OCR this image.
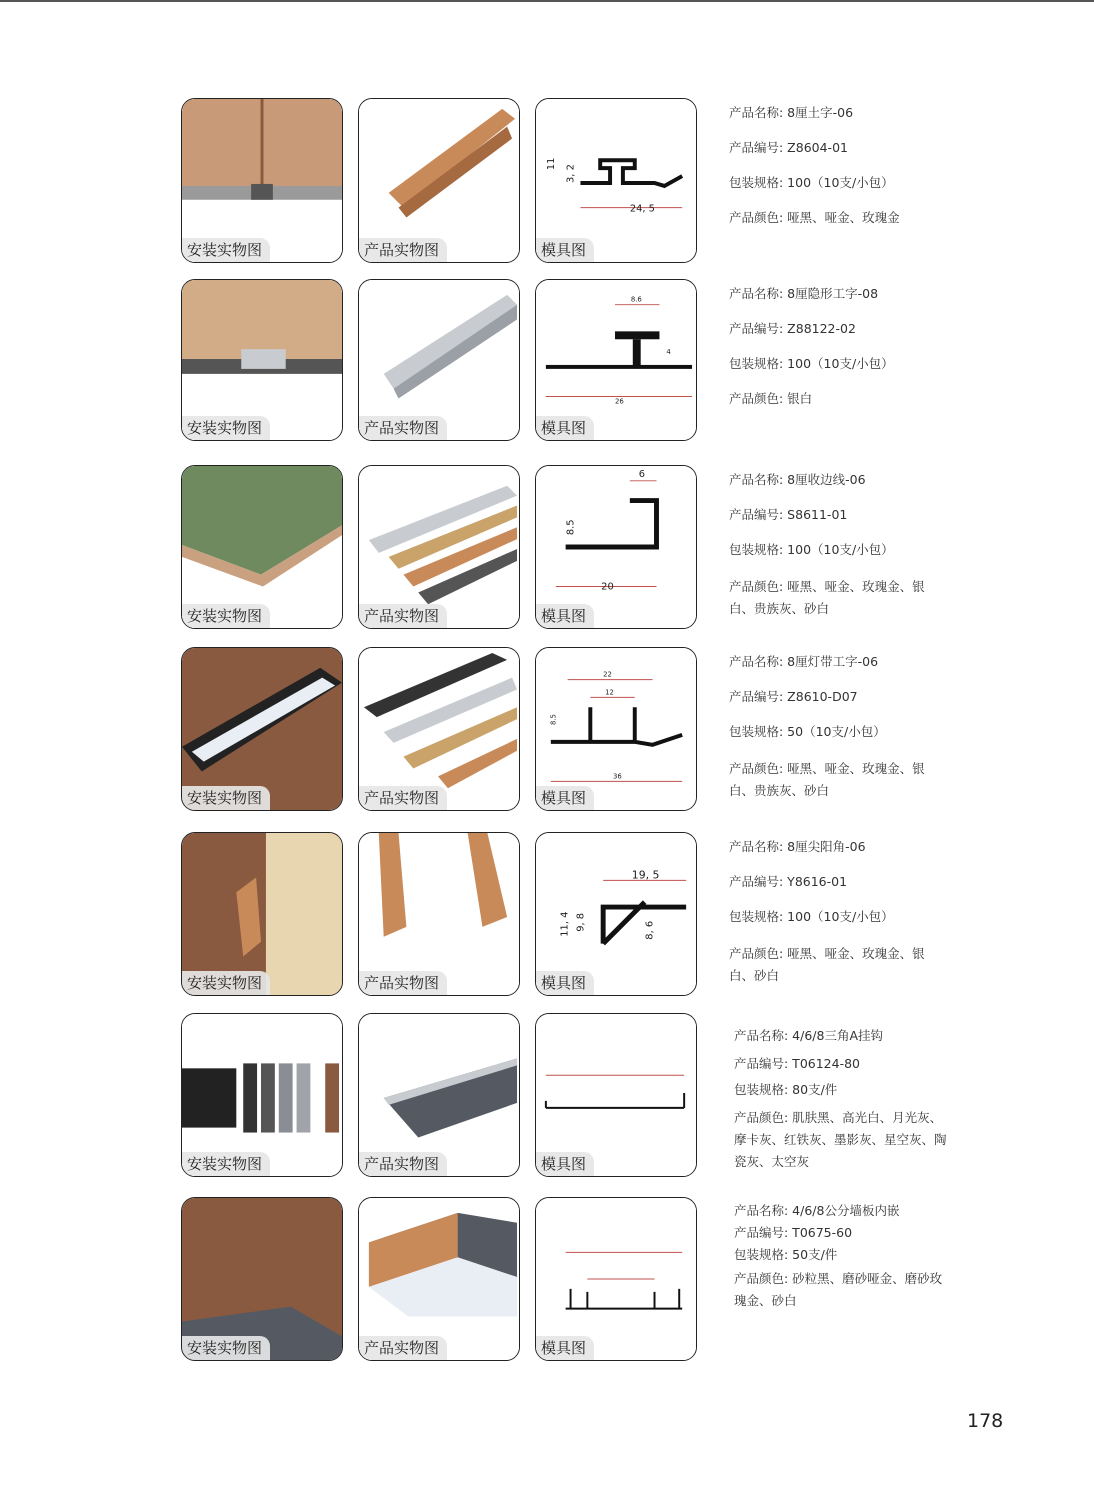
安装实物图	产品实物图
24, 5
11
3, 2
模具图
产品名称: 8厘土字-06
产品编号: Z8604-01
包装规格: 100（10支/小包）
产品颜色: 哑黑、哑金、玫瑰金
安装实物图	产品实物图
8.6
4
26
模具图
产品名称: 8厘隐形工字-08
产品编号: Z88122-02
包装规格: 100（10支/小包）
产品颜色: 银白
安装实物图	产品实物图
6
8.5
20
模具图
产品名称: 8厘收边线-06
产品编号: S8611-01
包装规格: 100（10支/小包）
产品颜色: 哑黑、哑金、玫瑰金、银白、贵族灰、砂白
安装实物图	产品实物图
22
12
8.5
36
模具图
产品名称: 8厘灯带工字-06
产品编号: Z8610-D07
包装规格: 50（10支/小包）
产品颜色: 哑黑、哑金、玫瑰金、银白、贵族灰、砂白
安装实物图	产品实物图
19, 5
11, 4 9, 8	8, 6
模具图
产品名称: 8厘尖阳角-06
产品编号: Y8616-01
包装规格: 100（10支/小包）
产品颜色: 哑黑、哑金、玫瑰金、银白、砂白
安装实物图	产品实物图	模具图
产品名称: 4/6/8三角A挂钩
产品编号: T06124-80
包装规格: 80支/件
产品颜色: 肌肤黑、高光白、月光灰、摩卡灰、红铁灰、墨影灰、星空灰、陶瓷灰、太空灰
安装实物图	产品实物图	模具图
产品名称: 4/6/8公分墙板内嵌
产品编号: T0675-60
包装规格: 50支/件
产品颜色: 砂粒黑、磨砂哑金、磨砂玫瑰金、砂白
178
